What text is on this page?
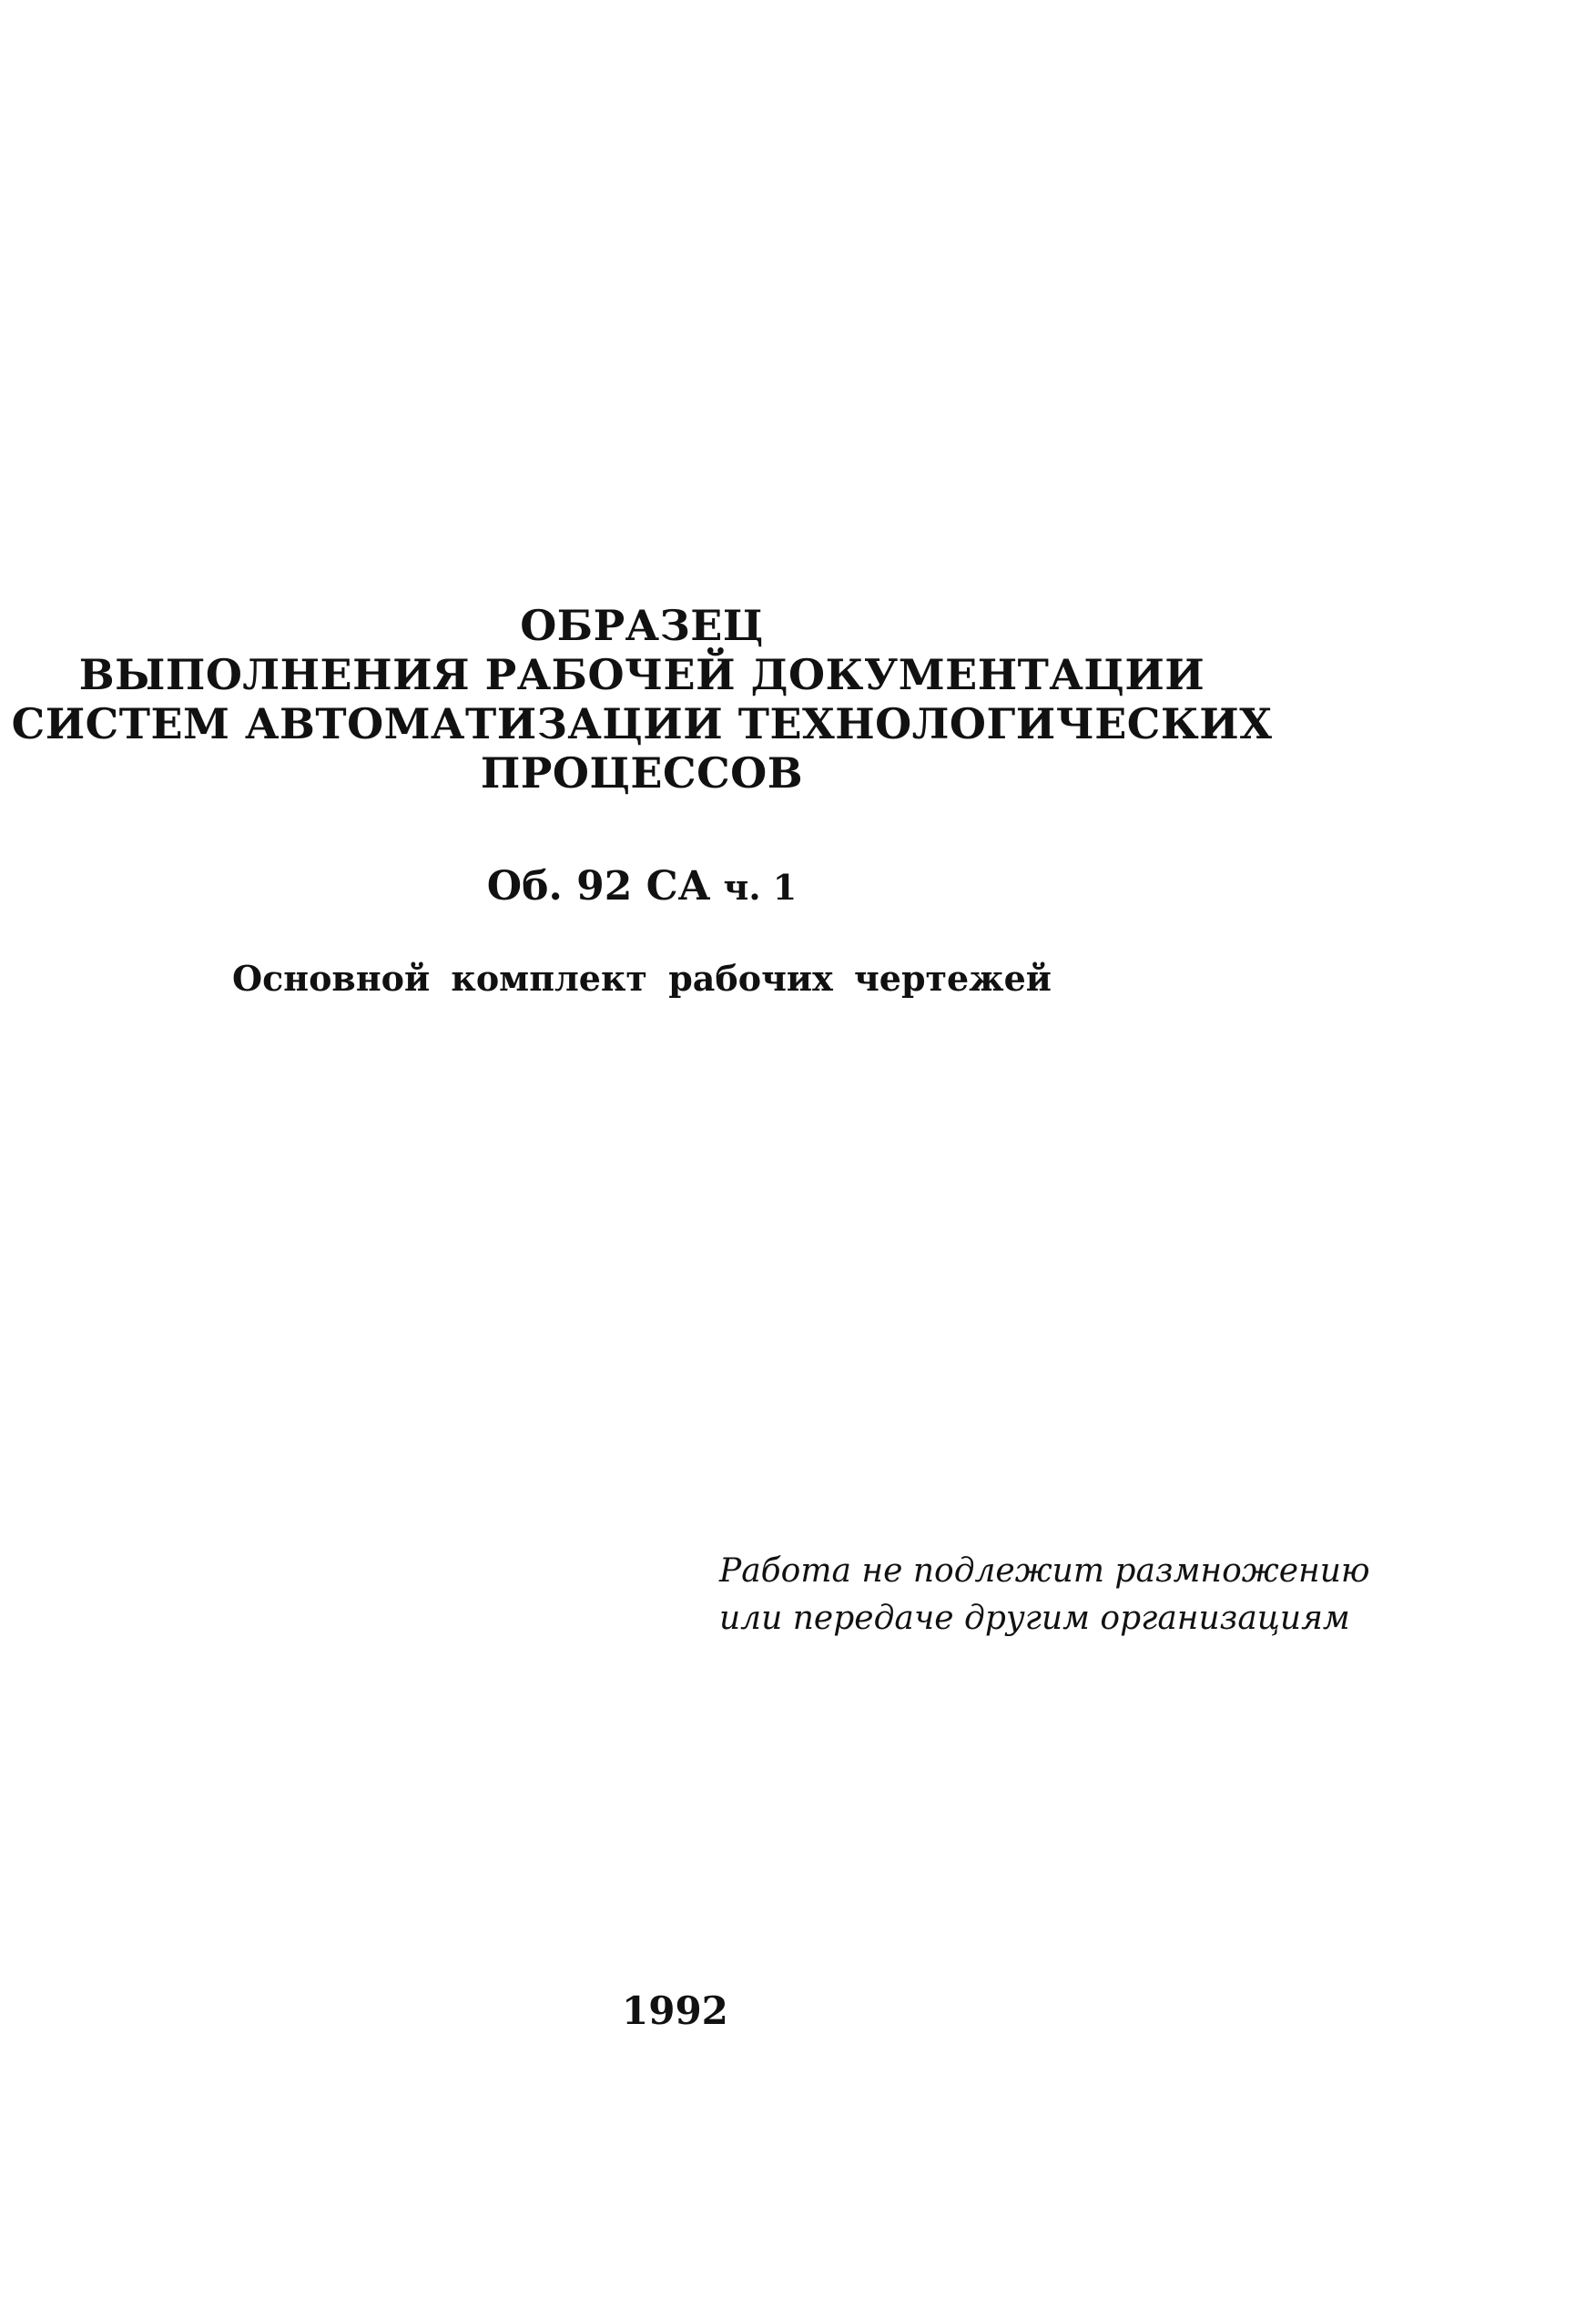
ОБРАЗЕЦ
ВЫПОЛНЕНИЯ РАБОЧЕЙ ДОКУМЕНТАЦИИ
СИСТЕМ АВТОМАТИЗАЦИИ ТЕХНОЛОГИЧЕСКИХ
ПРОЦЕССОВ
Об. 92 СА ч. 1
Основной комплект рабочих чертежей
Работа не подлежит размножению
или передаче другим организациям
1992
